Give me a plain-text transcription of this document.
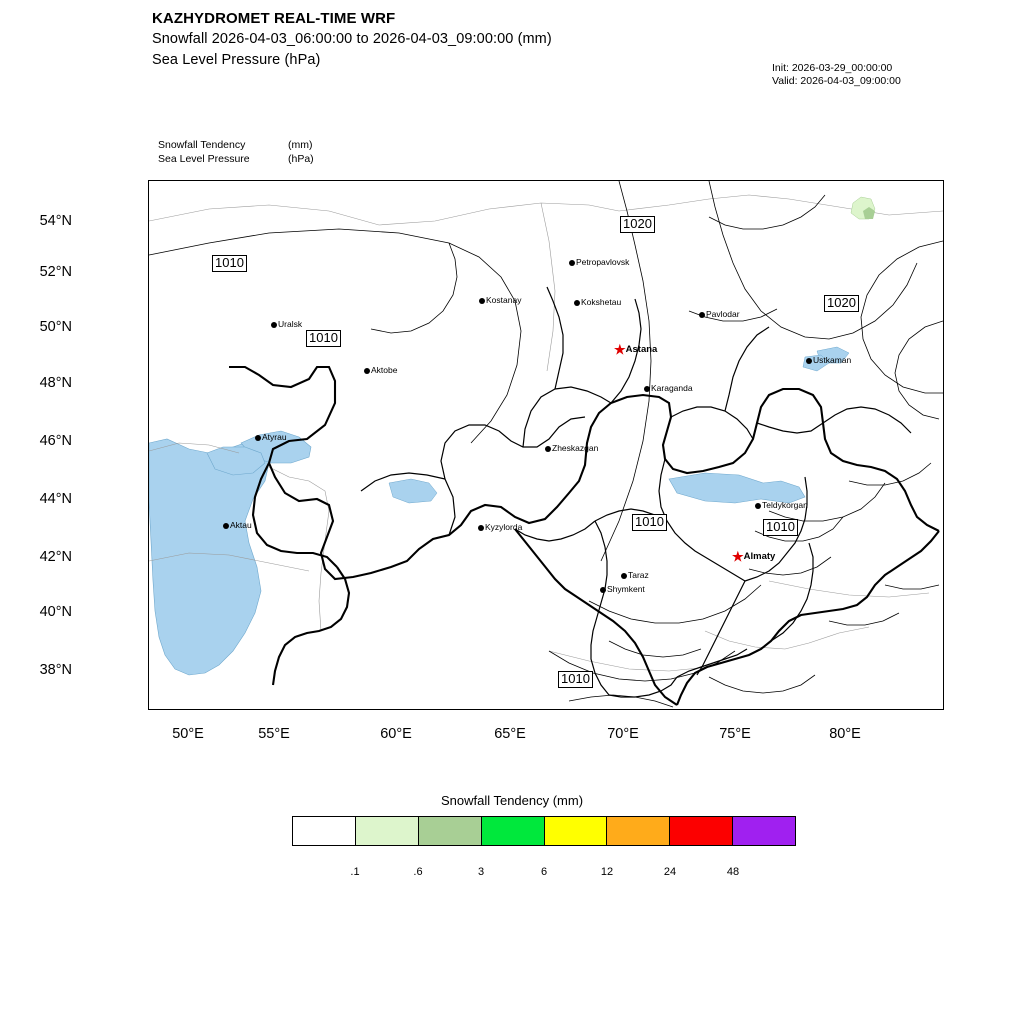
KAZHYDROMET REAL-TIME WRF
Snowfall 2026-04-03_06:00:00 to 2026-04-03_09:00:00 (mm)
Sea Level Pressure (hPa)	Init: 2026-03-29_00:00:00
Valid: 2026-04-03_09:00:00
Snowfall Tendency	(mm)
Sea Level Pressure	(hPa)
54°N
52°N
50°N
48°N
46°N
44°N
42°N
40°N
38°N
50°E	55°E	60°E	65°E	70°E	75°E	80°E
Petropavlovsk
Kostanay	Kokshetau
Pavlodar
Uralsk
Ustkaman
★Astana
Aktobe
Karaganda
Atyrau
Zheskazgan
Teldykorgan
Aktau	Kyzylorda
★Almaty
Taraz
Shymkent
1020
1010
1020
1010
1010	1010
1010
Snowfall Tendency (mm)
.1	.6	3	6	12	24	48
